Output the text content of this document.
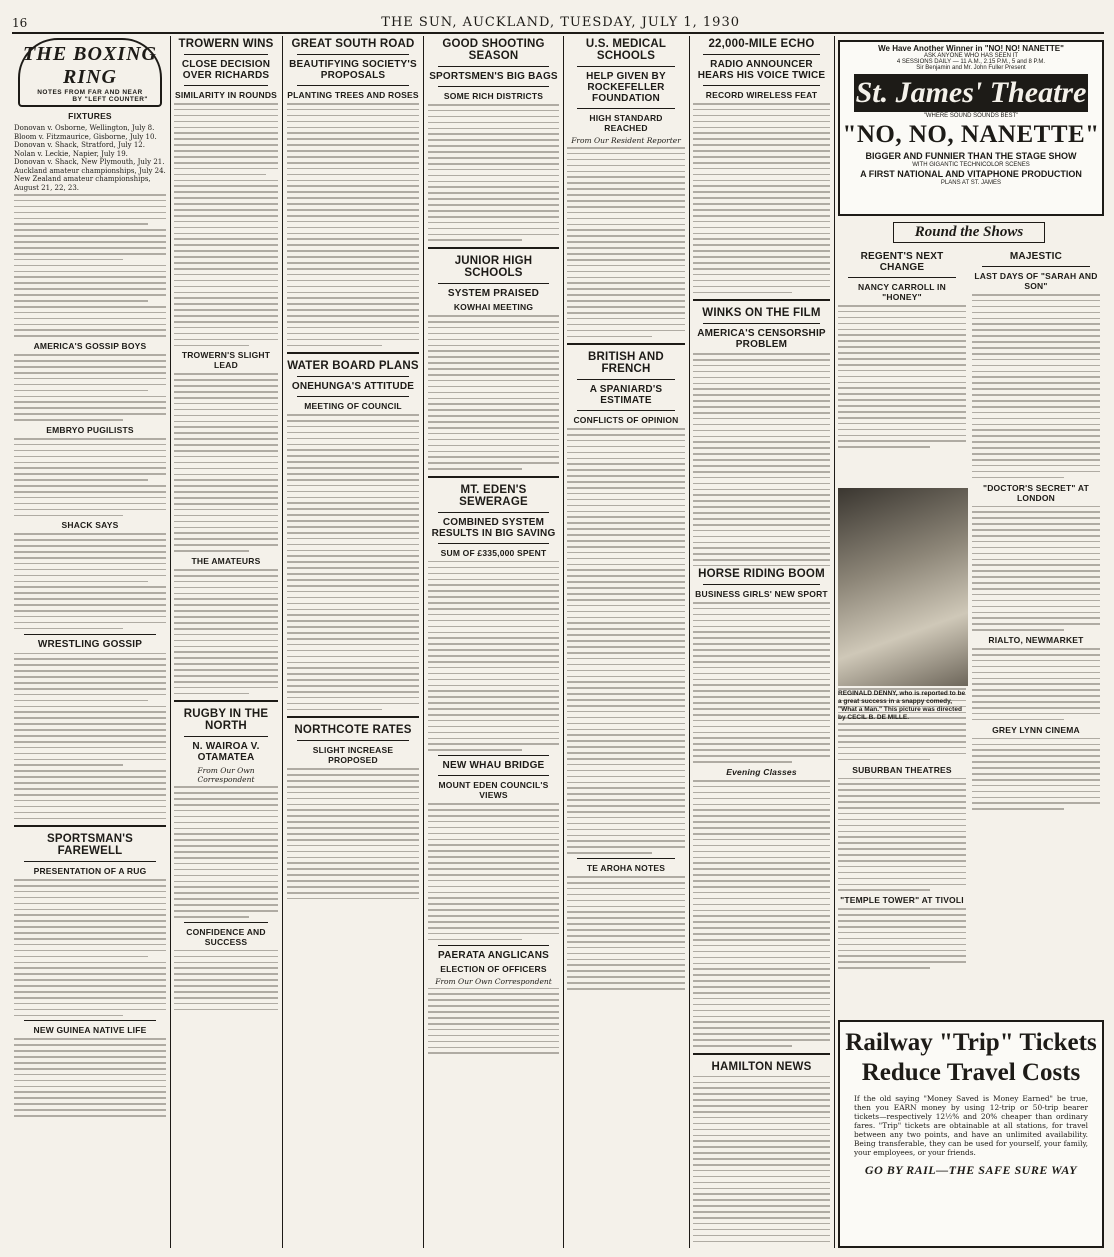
16	THE SUN, AUCKLAND, TUESDAY, JULY 1, 1930
THE BOXING RING
NOTES FROM FAR AND NEAR
BY "LEFT COUNTER"
FIXTURES

Donovan v. Osborne, Wellington, July 8.

Bloom v. Fitzmaurice, Gisborne, July 10.

Donovan v. Shack, Stratford, July 12.

Nolan v. Leckie, Napier, July 19.

Donovan v. Shack, New Plymouth, July 21.

Auckland amateur championships, July 24.

New Zealand amateur championships, August 21, 22, 23.

AMERICA'S GOSSIP BOYS
EMBRYO PUGILISTS
SHACK SAYS
WRESTLING GOSSIP
SPORTSMAN'S FAREWELL
PRESENTATION OF A RUG
NEW GUINEA NATIVE LIFE
TROWERN WINS
CLOSE DECISION OVER RICHARDS
SIMILARITY IN ROUNDS
TROWERN'S SLIGHT LEAD
THE AMATEURS
RUGBY IN THE NORTH
N. WAIROA V. OTAMATEA
From Our Own Correspondent
CONFIDENCE AND SUCCESS
GREAT SOUTH ROAD
BEAUTIFYING SOCIETY'S PROPOSALS
PLANTING TREES AND ROSES
WATER BOARD PLANS
ONEHUNGA'S ATTITUDE
MEETING OF COUNCIL
NORTHCOTE RATES
SLIGHT INCREASE PROPOSED
GOOD SHOOTING SEASON
SPORTSMEN'S BIG BAGS
SOME RICH DISTRICTS
JUNIOR HIGH SCHOOLS
SYSTEM PRAISED
KOWHAI MEETING
MT. EDEN'S SEWERAGE
COMBINED SYSTEM RESULTS IN BIG SAVING
SUM OF £335,000 SPENT
NEW WHAU BRIDGE
MOUNT EDEN COUNCIL'S VIEWS
PAERATA ANGLICANS
ELECTION OF OFFICERS
From Our Own Correspondent
U.S. MEDICAL SCHOOLS
HELP GIVEN BY ROCKEFELLER FOUNDATION
HIGH STANDARD REACHED
From Our Resident Reporter
BRITISH AND FRENCH
A SPANIARD'S ESTIMATE
CONFLICTS OF OPINION
TE AROHA NOTES
22,000-MILE ECHO
RADIO ANNOUNCER HEARS HIS VOICE TWICE
RECORD WIRELESS FEAT
WINKS ON THE FILM
AMERICA'S CENSORSHIP PROBLEM
HORSE RIDING BOOM
BUSINESS GIRLS' NEW SPORT
Evening Classes
HAMILTON NEWS
We Have Another Winner in "NO! NO! NANETTE"
ASK ANYONE WHO HAS SEEN IT
4 SESSIONS DAILY — 11 A.M., 2.15 P.M., 5 and 8 P.M.
Sir Benjamin and Mr. John Fuller Present
St. James' Theatre
"WHERE SOUND SOUNDS BEST"
"NO, NO, NANETTE"
BIGGER AND FUNNIER THAN THE STAGE SHOW
WITH GIGANTIC TECHNICOLOR SCENES
A FIRST NATIONAL AND VITAPHONE PRODUCTION
PLANS AT ST. JAMES
Round the Shows
REGENT'S NEXT CHANGE
NANCY CARROLL IN "HONEY"
SUBURBAN THEATRES
"TEMPLE TOWER" AT TIVOLI
MAJESTIC
LAST DAYS OF "SARAH AND SON"
"DOCTOR'S SECRET" AT LONDON
RIALTO, NEWMARKET
GREY LYNN CINEMA
REGINALD DENNY, who is reported to be a great success in a snappy comedy, "What a Man." This picture was directed by CECIL B. DE MILLE.
Railway "Trip" Tickets
Reduce Travel Costs
If the old saying "Money Saved is Money Earned" be true, then you EARN money by using 12-trip or 50-trip bearer tickets—respectively 12½% and 20% cheaper than ordinary fares. "Trip" tickets are obtainable at all stations, for travel between any two points, and have an unlimited availability. Being transferable, they can be used for yourself, your family, your employees, or your friends.
GO BY RAIL—THE SAFE SURE WAY
